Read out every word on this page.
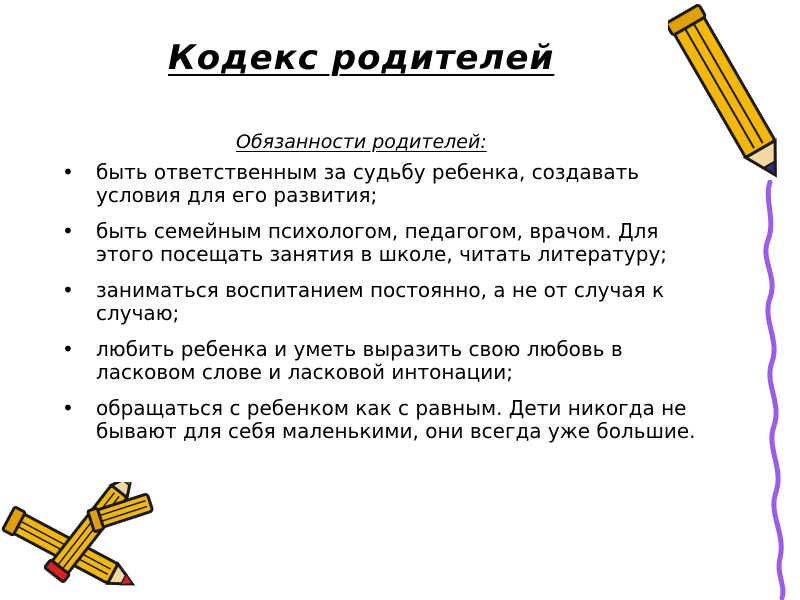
Кодекс родителей
Обязанности родителей:
• быть ответственным за судьбу ребенка, создавать условия для его развития;
• быть семейным психологом, педагогом, врачом. Для этого посещать занятия в школе, читать литературу;
• заниматься воспитанием постоянно, а не от случая к случаю;
• любить ребенка и уметь выразить свою любовь в ласковом слове и ласковой интонации;
• обращаться с ребенком как с равным. Дети никогда не бывают для себя маленькими, они всегда уже большие.
